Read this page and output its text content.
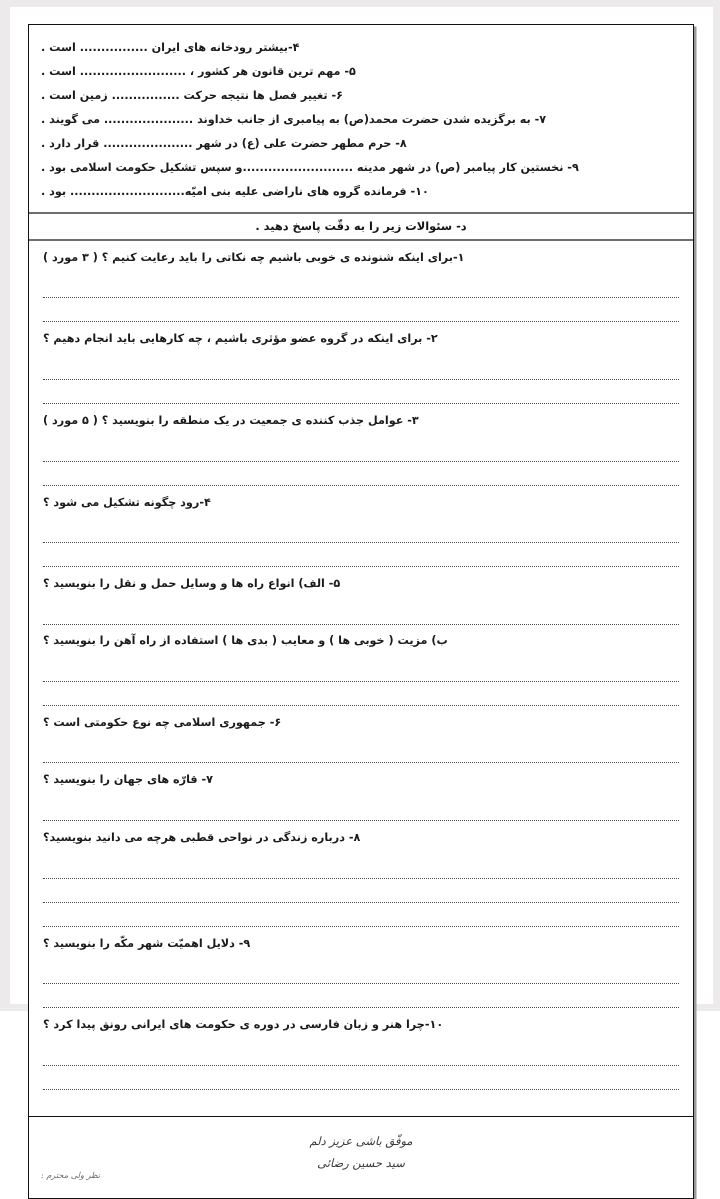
۴-بیشتر رودخانه های ایران ................ است .
۵- مهم ترین قانون هر کشور ، ......................... است .
۶- تغییر فصل ها نتیجه حرکت ................ زمین است .
۷- به برگزیده شدن حضرت محمد(ص) به پیامبری از جانب خداوند ..................... می گویند .
۸- حرم مطهر حضرت علی (ع) در شهر ..................... قرار دارد .
۹- نخستین کار پیامبر (ص) در شهر مدینه ..........................و سپس تشکیل حکومت اسلامی بود .
۱۰- فرمانده گروه های ناراضی علیه بنی امیّه........................... بود .
د- سئوالات زیر را به دقّت پاسخ دهید .
۱-برای اینکه شنونده ی خوبی باشیم چه نکاتی را باید رعایت کنیم ؟ ( ۳ مورد )
۲- برای اینکه در گروه عضو مؤثری باشیم ، چه کارهایی باید انجام دهیم ؟
۳- عوامل جذب کننده ی جمعیت در یک منطقه را بنویسید ؟ ( ۵ مورد )
۴-رود چگونه تشکیل می شود ؟
۵- الف) انواع راه ها و وسایل حمل و نقل را بنویسید ؟
ب) مزیت ( خوبی ها ) و معایب ( بدی ها ) استفاده از راه آهن را بنویسید ؟
۶- جمهوری اسلامی چه نوع حکومتی است ؟
۷- قارّه های جهان را بنویسید ؟
۸- درباره زندگی در نواحی قطبی هرچه می دانید بنویسید؟
۹- دلایل اهمیّت شهر مکّه را بنویسید ؟
۱۰-چرا هنر و زبان فارسی در دوره ی حکومت های ایرانی رونق پیدا کرد ؟
موفّق باشی عزیز دلم
سید حسین رضائی
نظر ولی محترم :
